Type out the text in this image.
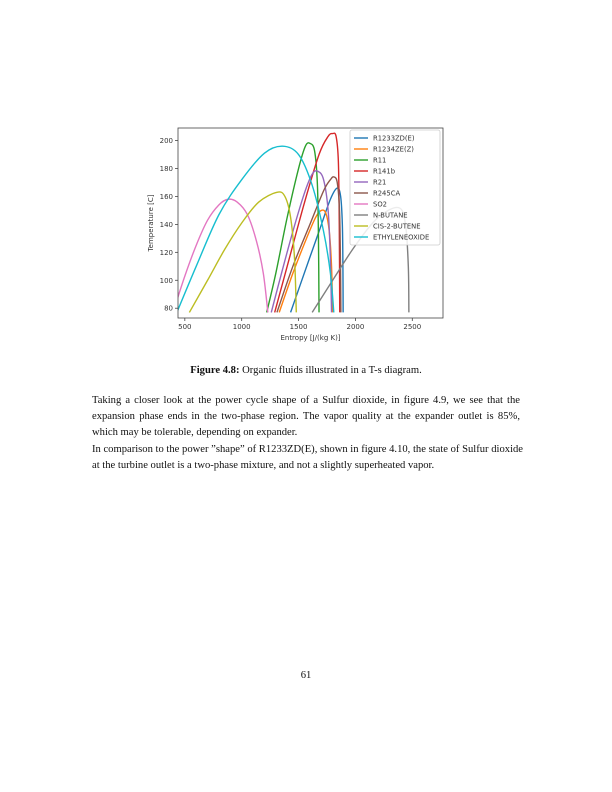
500	1000	1500	2000	2500
80
100
120
140
160
180
200
Entropy [J/(kg K)]
Temperature [C]
R1233ZD(E)
R1234ZE(Z)
R11
R141b
R21
R245CA
SO2
N-BUTANE
CIS-2-BUTENE
ETHYLENEOXIDE
Figure 4.8: Organic fluids illustrated in a T-s diagram.
Taking a closer look at the power cycle shape of a Sulfur dioxide, in figure 4.9, we see that the
expansion phase ends in the two-phase region. The vapor quality at the expander outlet is 85%,
which may be tolerable, depending on expander.
In comparison to the power ”shape” of R1233ZD(E), shown in figure 4.10, the state of Sulfur dioxide
at the turbine outlet is a two-phase mixture, and not a slightly superheated vapor.
61
